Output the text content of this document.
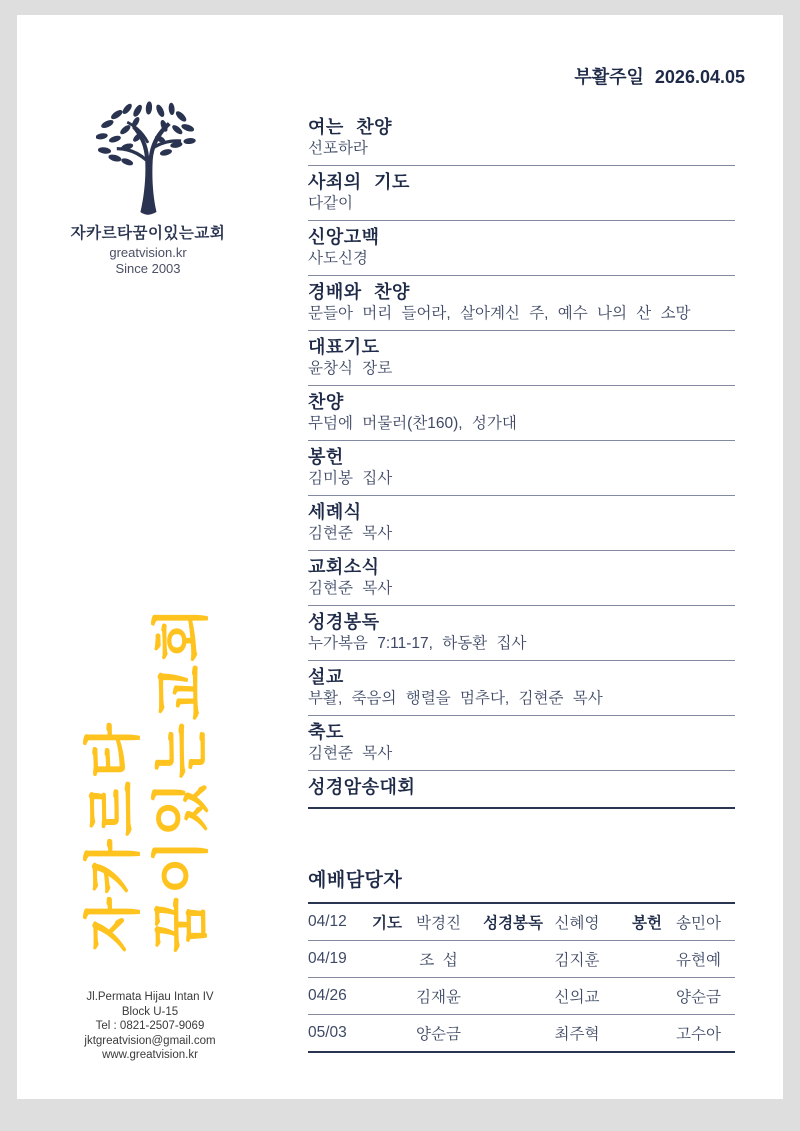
자카르타꿈이있는교회
greatvision.kr
Since 2003
자카르타 꿈이있는교회
Jl.Permata Hijau Intan IV
Block U-15
Tel : 0821-2507-9069
jktgreatvision@gmail.com
www.greatvision.kr
부활주일 2026.04.05
여는 찬양
선포하라
사죄의 기도
다같이
신앙고백
사도신경
경배와 찬양
문들아 머리 들어라, 살아계신 주, 예수 나의 산 소망
대표기도
윤창식 장로
찬양
무덤에 머물러(찬160), 성가대
봉헌
김미봉 집사
세례식
김현준 목사
교회소식
김현준 목사
성경봉독
누가복음 7:11-17, 하동환 집사
설교
부활, 죽음의 행렬을 멈추다, 김현준 목사
축도
김현준 목사
성경암송대회
예배담당자
04/12	기도	박경진	성경봉독	신혜영	봉헌	송민아
04/19		조  섭		김지훈		유현예
04/26		김재윤		신의교		양순금
05/03		양순금		최주혁		고수아
